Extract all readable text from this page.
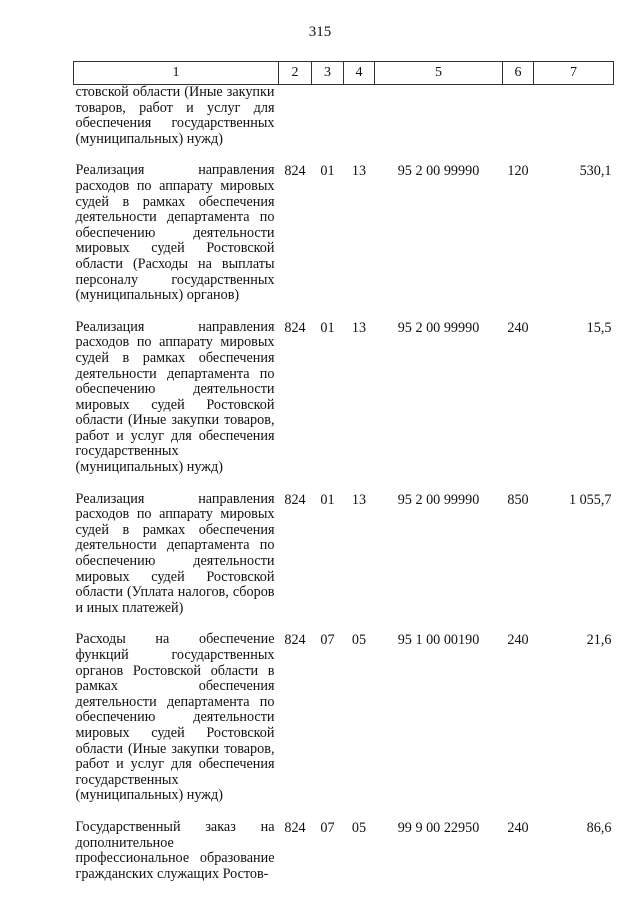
315
1	2	3	4	5	6	7
стовской области (Иные закупки товаров, работ и услуг для обеспечения государственных (муниципальных) нужд)						
Реализация направления расходов по аппарату мировых судей в рамках обеспечения деятельности департамента по обеспечению деятельности мировых судей Ростовской области (Расходы на выплаты персоналу государственных (муниципальных) органов)	824	01	13	95 2 00 99990	120	530,1
Реализация направления расходов по аппарату мировых судей в рамках обеспечения деятельности департамента по обеспечению деятельности мировых судей Ростовской области (Иные закупки товаров, работ и услуг для обеспечения государственных (муниципальных) нужд)	824	01	13	95 2 00 99990	240	15,5
Реализация направления расходов по аппарату мировых судей в рамках обеспечения деятельности департамента по обеспечению деятельности мировых судей Ростовской области (Уплата налогов, сборов и иных платежей)	824	01	13	95 2 00 99990	850	1 055,7
Расходы на обеспечение функций государственных органов Ростовской области в рамках обеспечения деятельности департамента по обеспечению деятельности мировых судей Ростовской области (Иные закупки товаров, работ и услуг для обеспечения государственных (муниципальных) нужд)	824	07	05	95 1 00 00190	240	21,6
Государственный заказ на дополнительное профессиональное образование гражданских служащих Ростов-	824	07	05	99 9 00 22950	240	86,6
